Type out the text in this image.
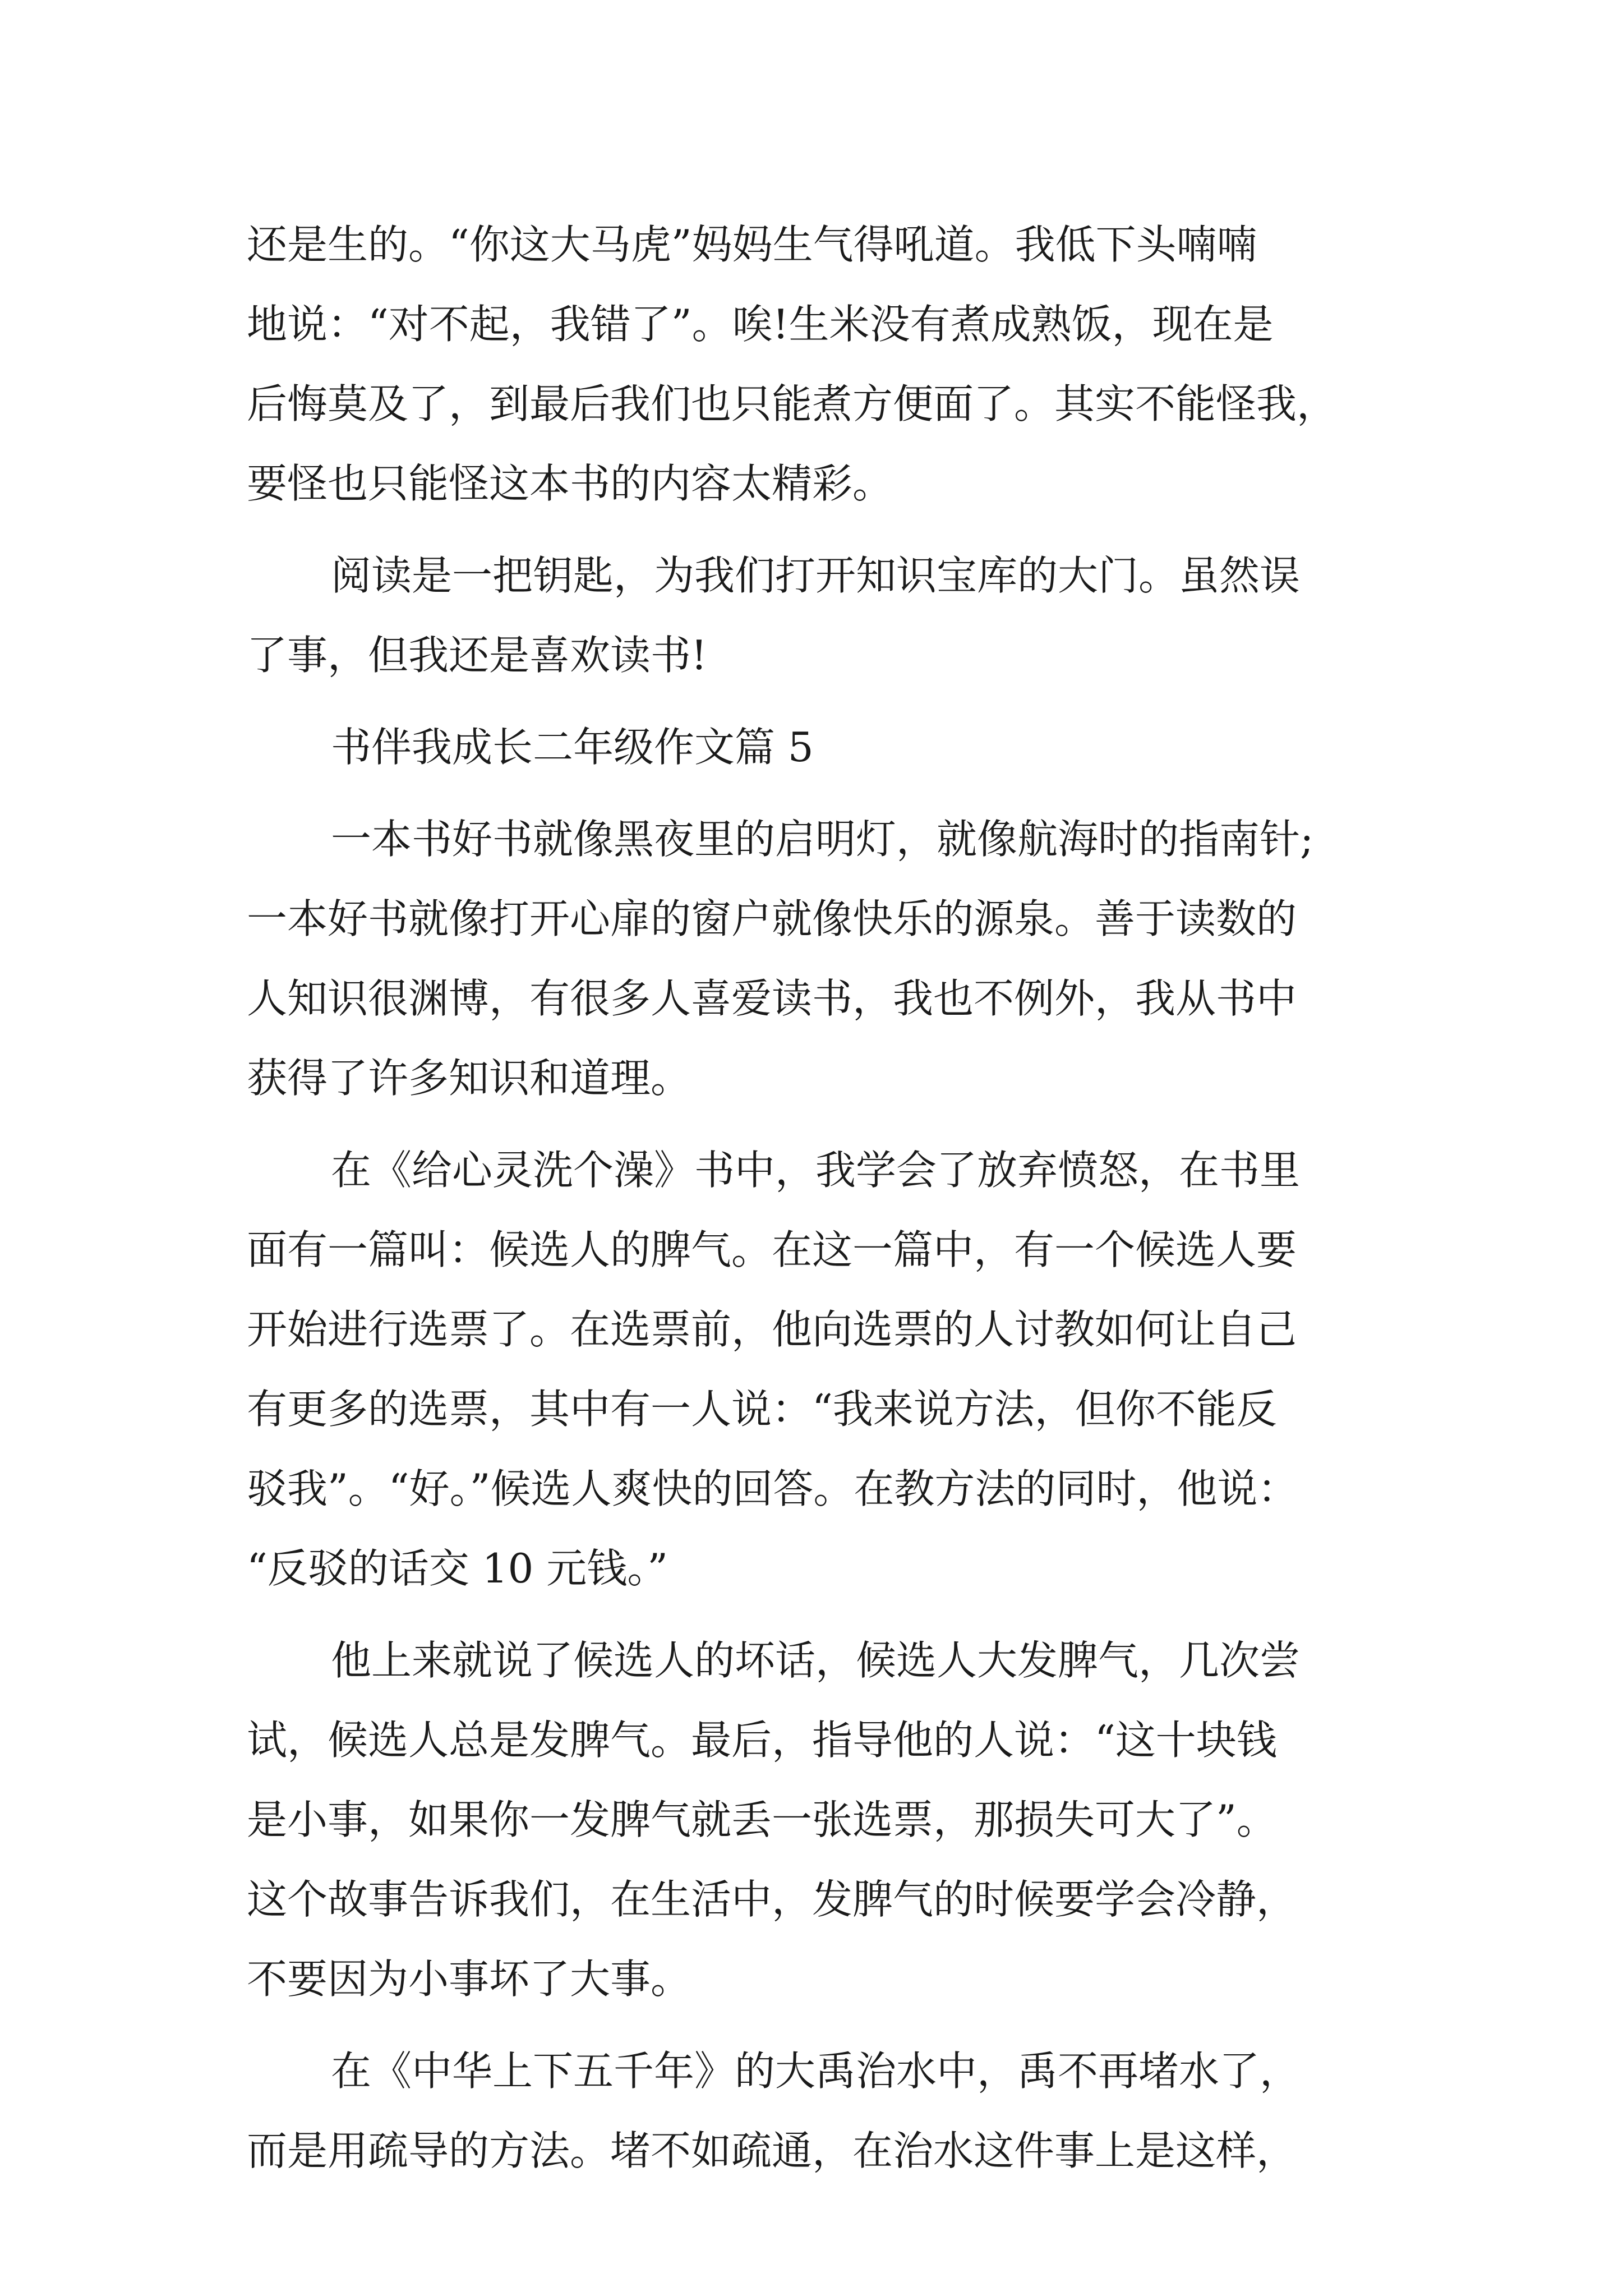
还是生的。“你这大马虎”妈妈生气得吼道。我低下头喃喃
地说：“对不起，我错了”。唉!生米没有煮成熟饭，现在是
后悔莫及了，到最后我们也只能煮方便面了。其实不能怪我，
要怪也只能怪这本书的内容太精彩。
阅读是一把钥匙，为我们打开知识宝库的大门。虽然误
了事，但我还是喜欢读书!
书伴我成长二年级作文篇 5
一本书好书就像黑夜里的启明灯，就像航海时的指南针;
一本好书就像打开心扉的窗户就像快乐的源泉。善于读数的
人知识很渊博，有很多人喜爱读书，我也不例外，我从书中
获得了许多知识和道理。
在《给心灵洗个澡》书中，我学会了放弃愤怒，在书里
面有一篇叫：候选人的脾气。在这一篇中，有一个候选人要
开始进行选票了。在选票前，他向选票的人讨教如何让自己
有更多的选票，其中有一人说：“我来说方法，但你不能反
驳我”。“好。”候选人爽快的回答。在教方法的同时，他说：
“反驳的话交 10 元钱。”
他上来就说了候选人的坏话，候选人大发脾气，几次尝
试，候选人总是发脾气。最后，指导他的人说：“这十块钱
是小事，如果你一发脾气就丢一张选票，那损失可大了”。
这个故事告诉我们，在生活中，发脾气的时候要学会冷静，
不要因为小事坏了大事。
在《中华上下五千年》的大禹治水中，禹不再堵水了，
而是用疏导的方法。堵不如疏通，在治水这件事上是这样，
